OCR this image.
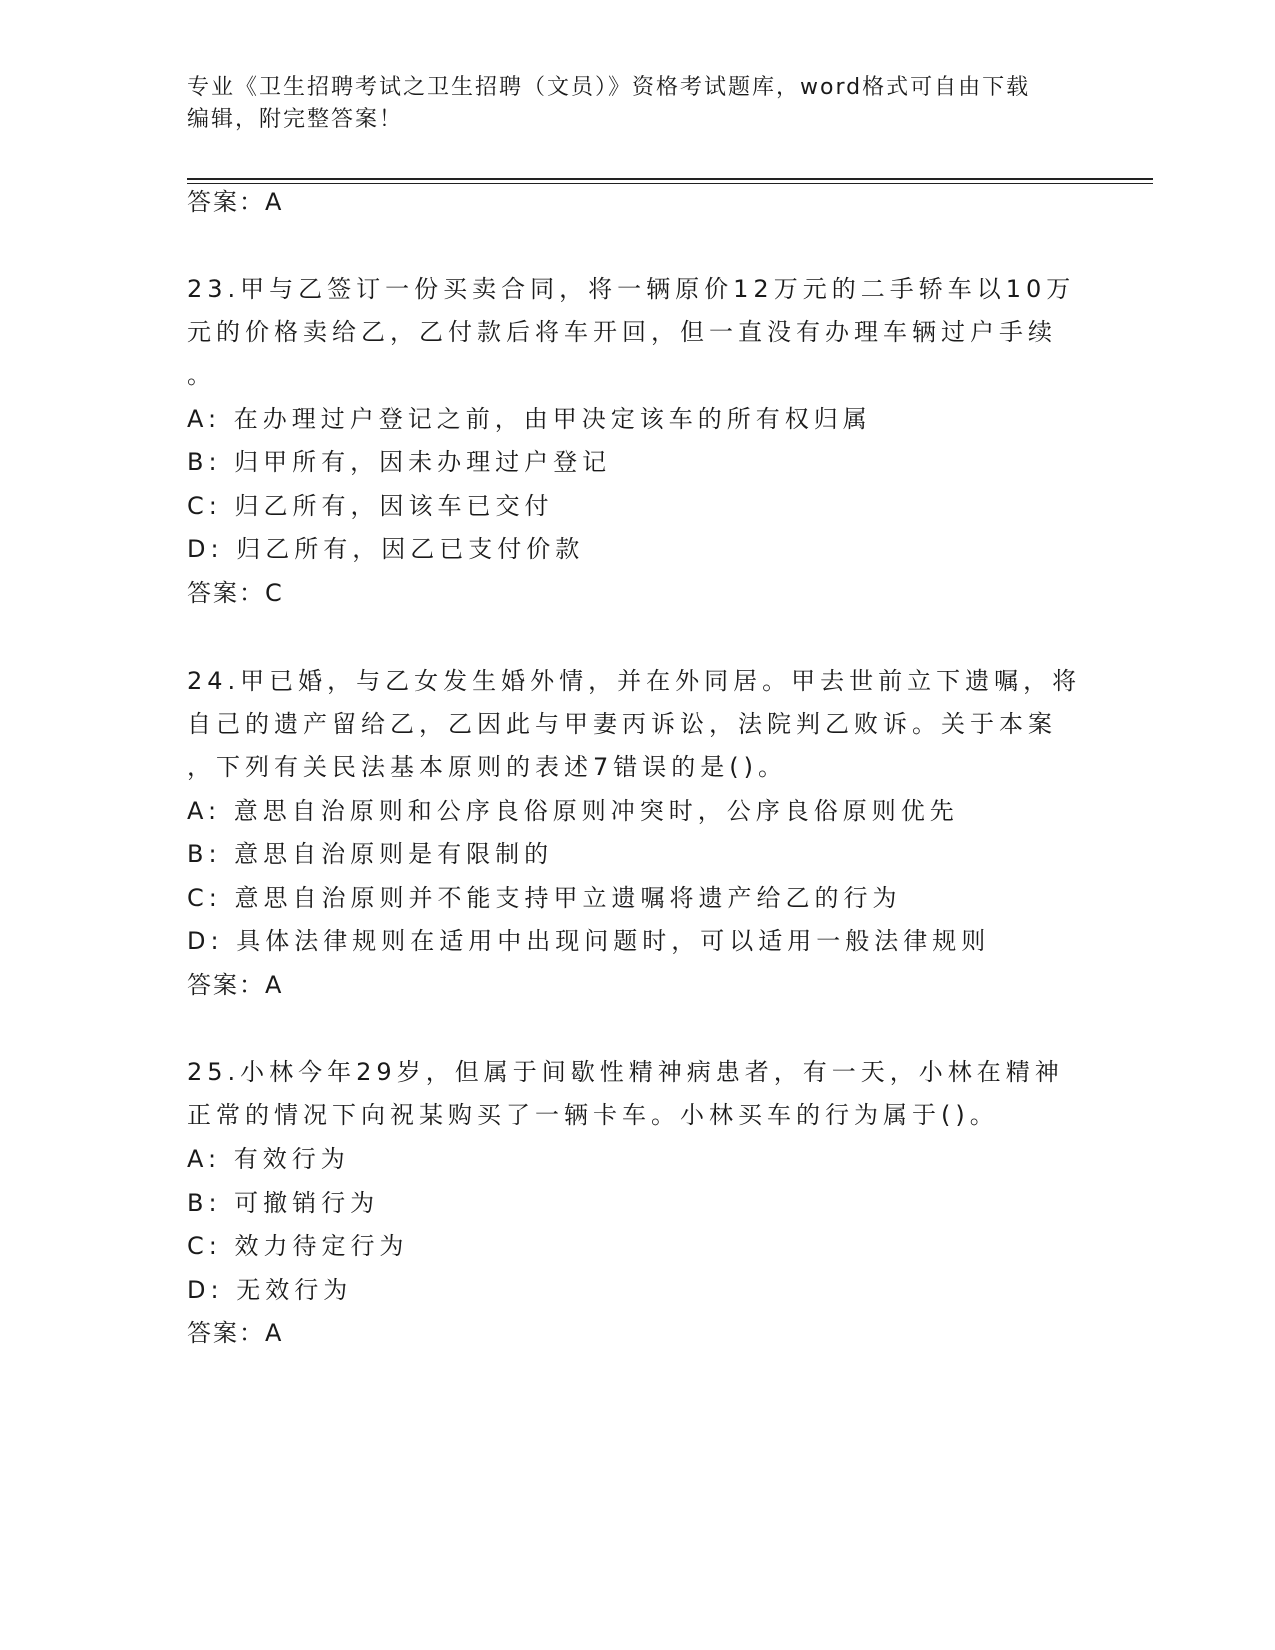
专业《卫生招聘考试之卫生招聘（文员）》资格考试题库，word格式可自由下载
编辑，附完整答案！
答案：A
23.甲与乙签订一份买卖合同，将一辆原价12万元的二手轿车以10万
元的价格卖给乙，乙付款后将车开回，但一直没有办理车辆过户手续
。
A: 在办理过户登记之前，由甲决定该车的所有权归属
B: 归甲所有，因未办理过户登记
C: 归乙所有，因该车已交付
D: 归乙所有，因乙已支付价款
答案：C
24.甲已婚，与乙女发生婚外情，并在外同居。甲去世前立下遗嘱，将
自己的遗产留给乙，乙因此与甲妻丙诉讼，法院判乙败诉。关于本案
，下列有关民法基本原则的表述7错误的是()。
A: 意思自治原则和公序良俗原则冲突时，公序良俗原则优先
B: 意思自治原则是有限制的
C: 意思自治原则并不能支持甲立遗嘱将遗产给乙的行为
D: 具体法律规则在适用中出现问题时，可以适用一般法律规则
答案：A
25.小林今年29岁，但属于间歇性精神病患者，有一天，小林在精神
正常的情况下向祝某购买了一辆卡车。小林买车的行为属于()。
A: 有效行为
B: 可撤销行为
C: 效力待定行为
D: 无效行为
答案：A
